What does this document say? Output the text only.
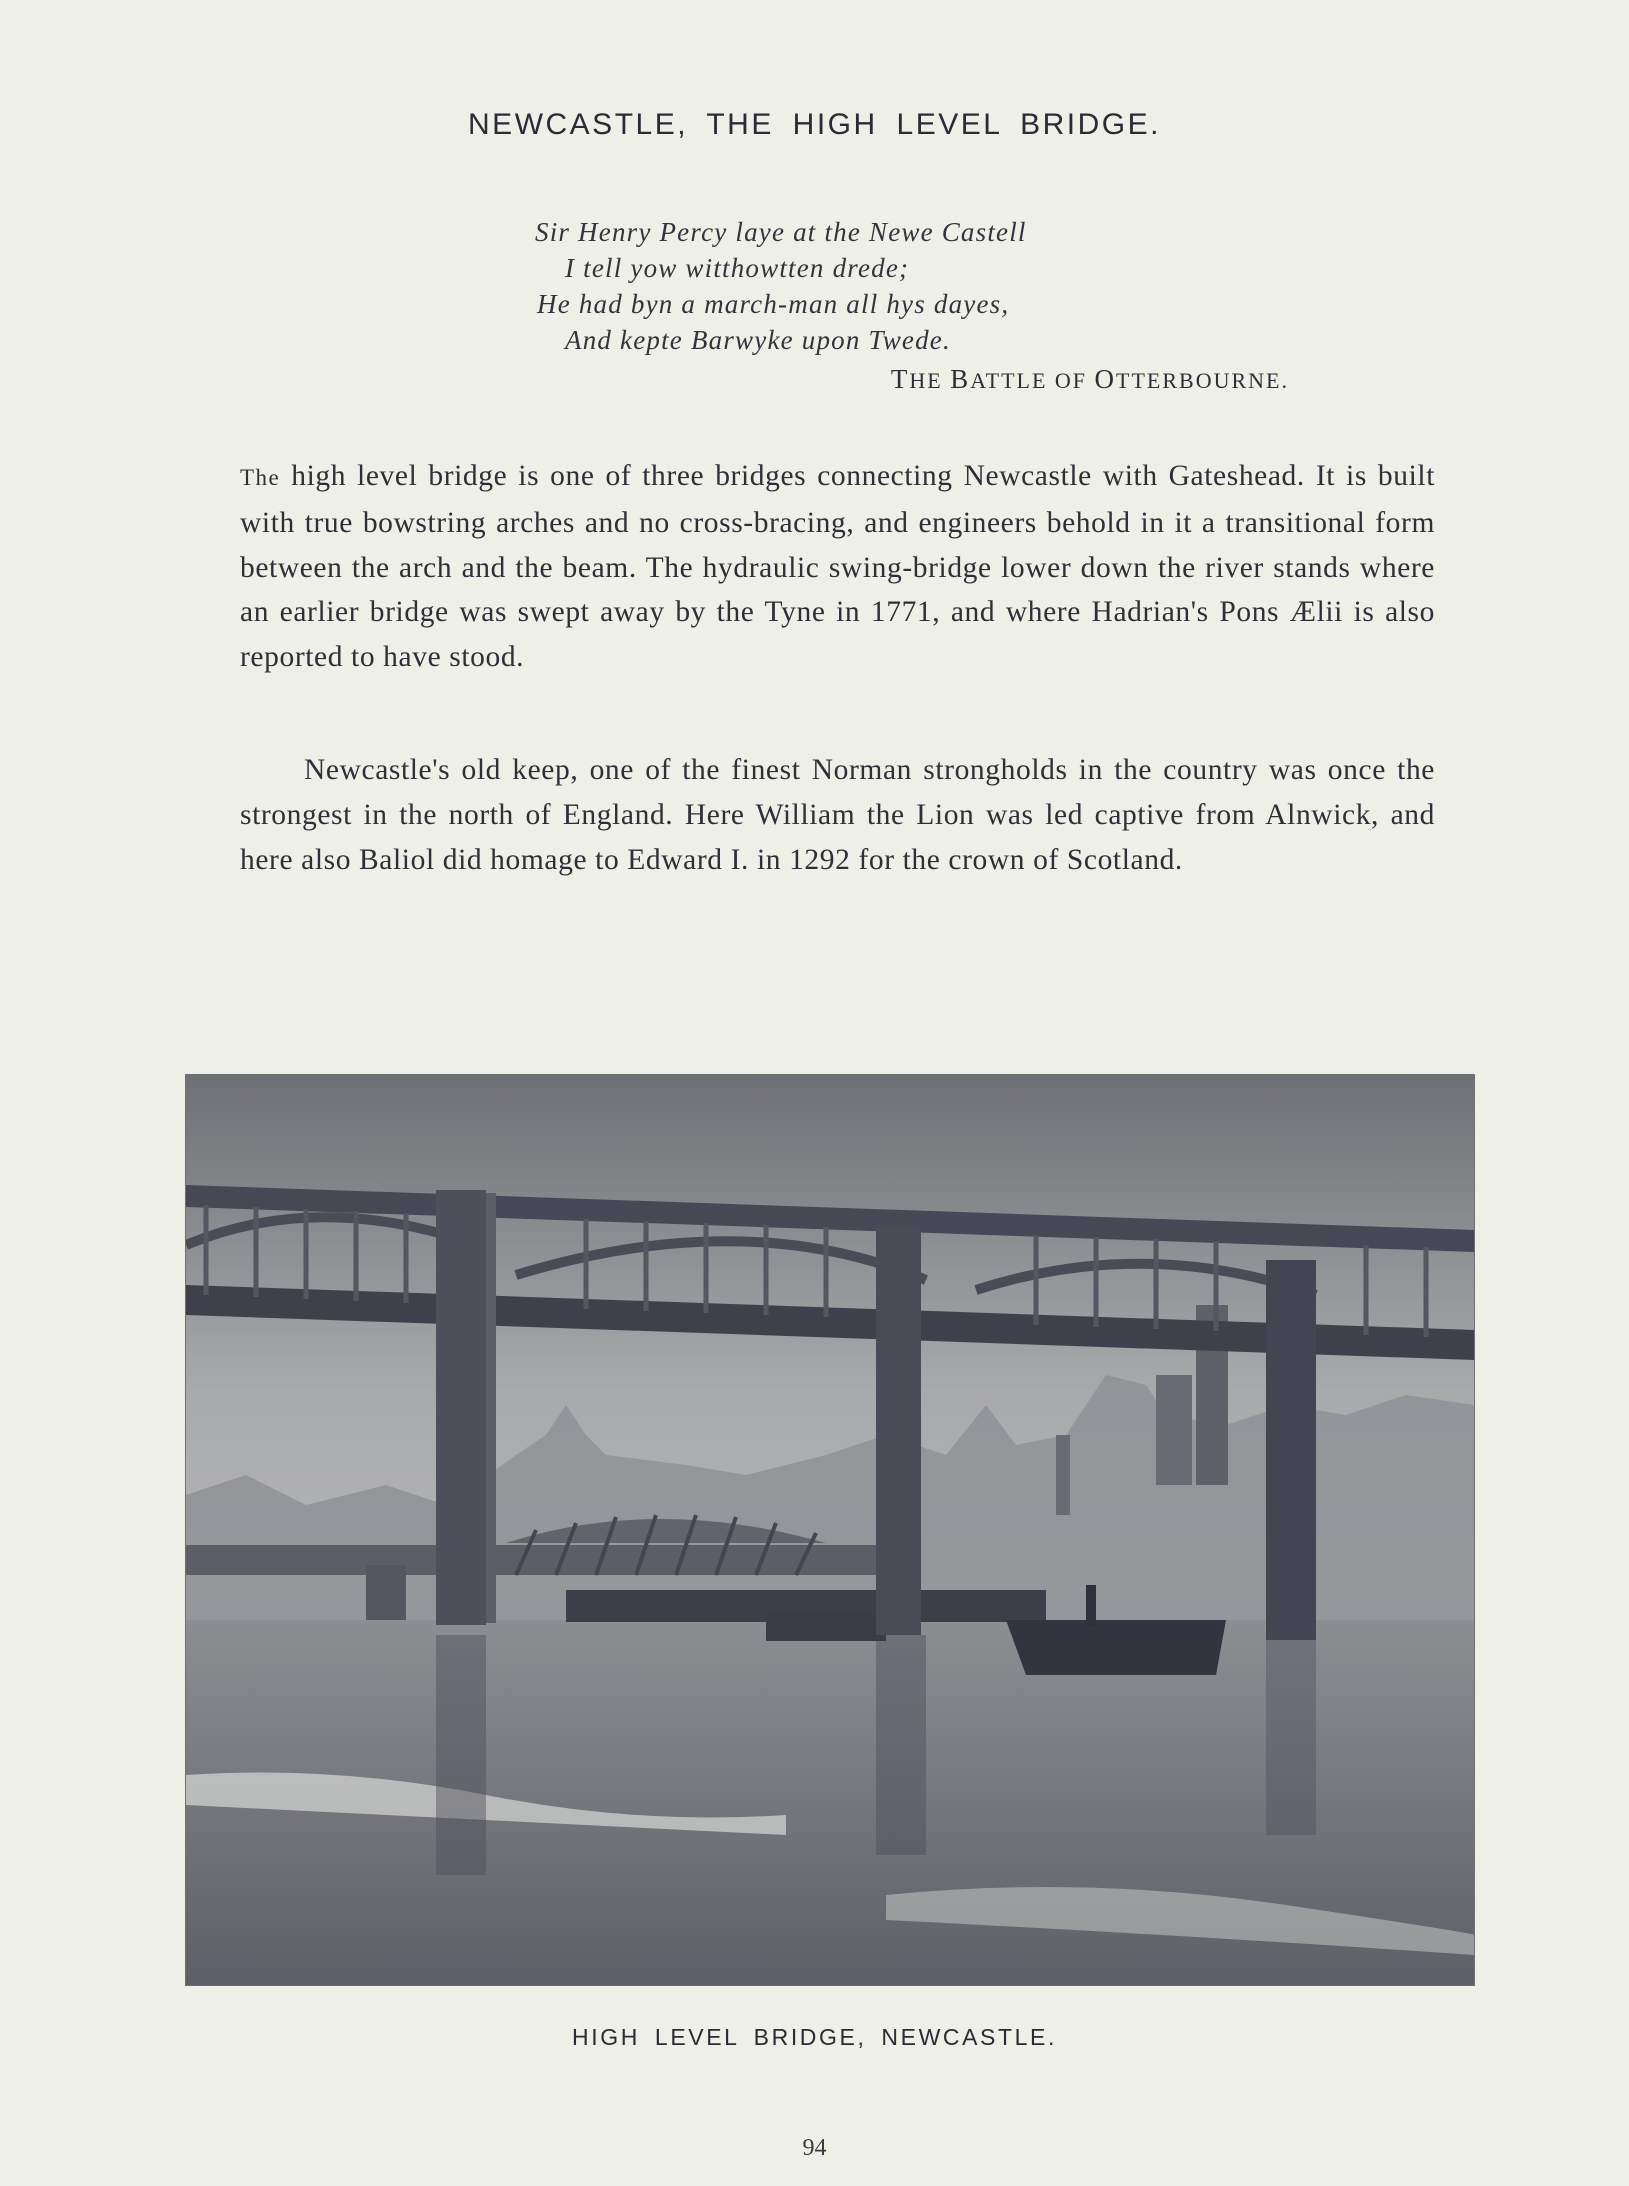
NEWCASTLE, THE HIGH LEVEL BRIDGE.
Sir Henry Percy laye at the Newe Castell
I tell yow witthowtten drede;
He had byn a march-man all hys dayes,
And kepte Barwyke upon Twede.
THE BATTLE OF OTTERBOURNE.
The high level bridge is one of three bridges connecting Newcastle with Gateshead. It is built with true bowstring arches and no cross-bracing, and engineers behold in it a transitional form between the arch and the beam. The hydraulic swing-bridge lower down the river stands where an earlier bridge was swept away by the Tyne in 1771, and where Hadrian's Pons Ælii is also reported to have stood.
Newcastle's old keep, one of the finest Norman strongholds in the country was once the strongest in the north of England. Here William the Lion was led captive from Alnwick, and here also Baliol did homage to Edward I. in 1292 for the crown of Scotland.
HIGH LEVEL BRIDGE, NEWCASTLE.
94
